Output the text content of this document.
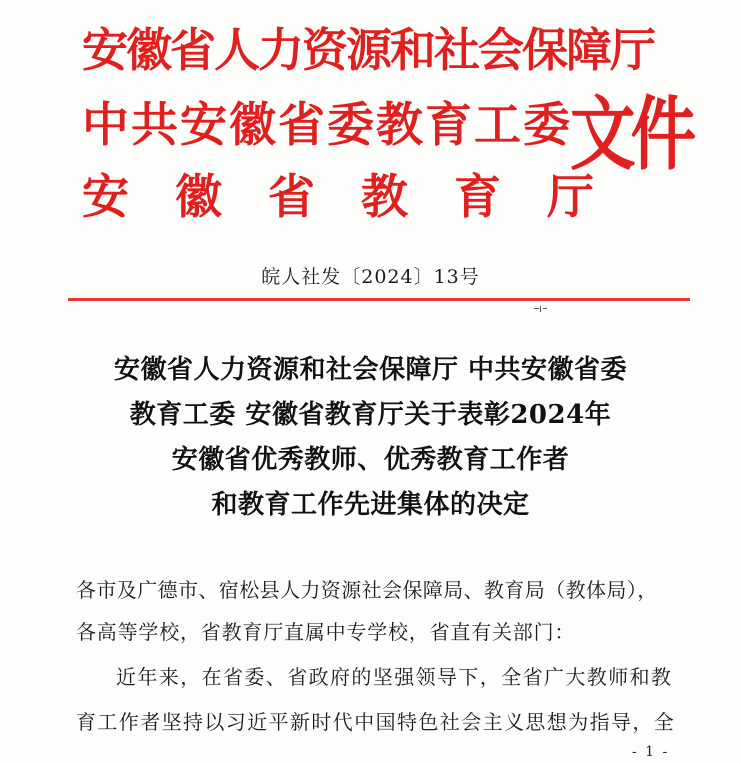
安徽省人力资源和社会保障厅
中共安徽省委教育工委
安徽省教育厅
文件
皖人社发〔2024〕13号
安徽省人力资源和社会保障厅 中共安徽省委
教育工委 安徽省教育厅关于表彰2024年
安徽省优秀教师、优秀教育工作者
和教育工作先进集体的决定
各市及广德市、宿松县人力资源社会保障局、教育局（教体局），
各高等学校，省教育厅直属中专学校，省直有关部门：
近年来，在省委、省政府的坚强领导下，全省广大教师和教
育工作者坚持以习近平新时代中国特色社会主义思想为指导，全
- 1 -
